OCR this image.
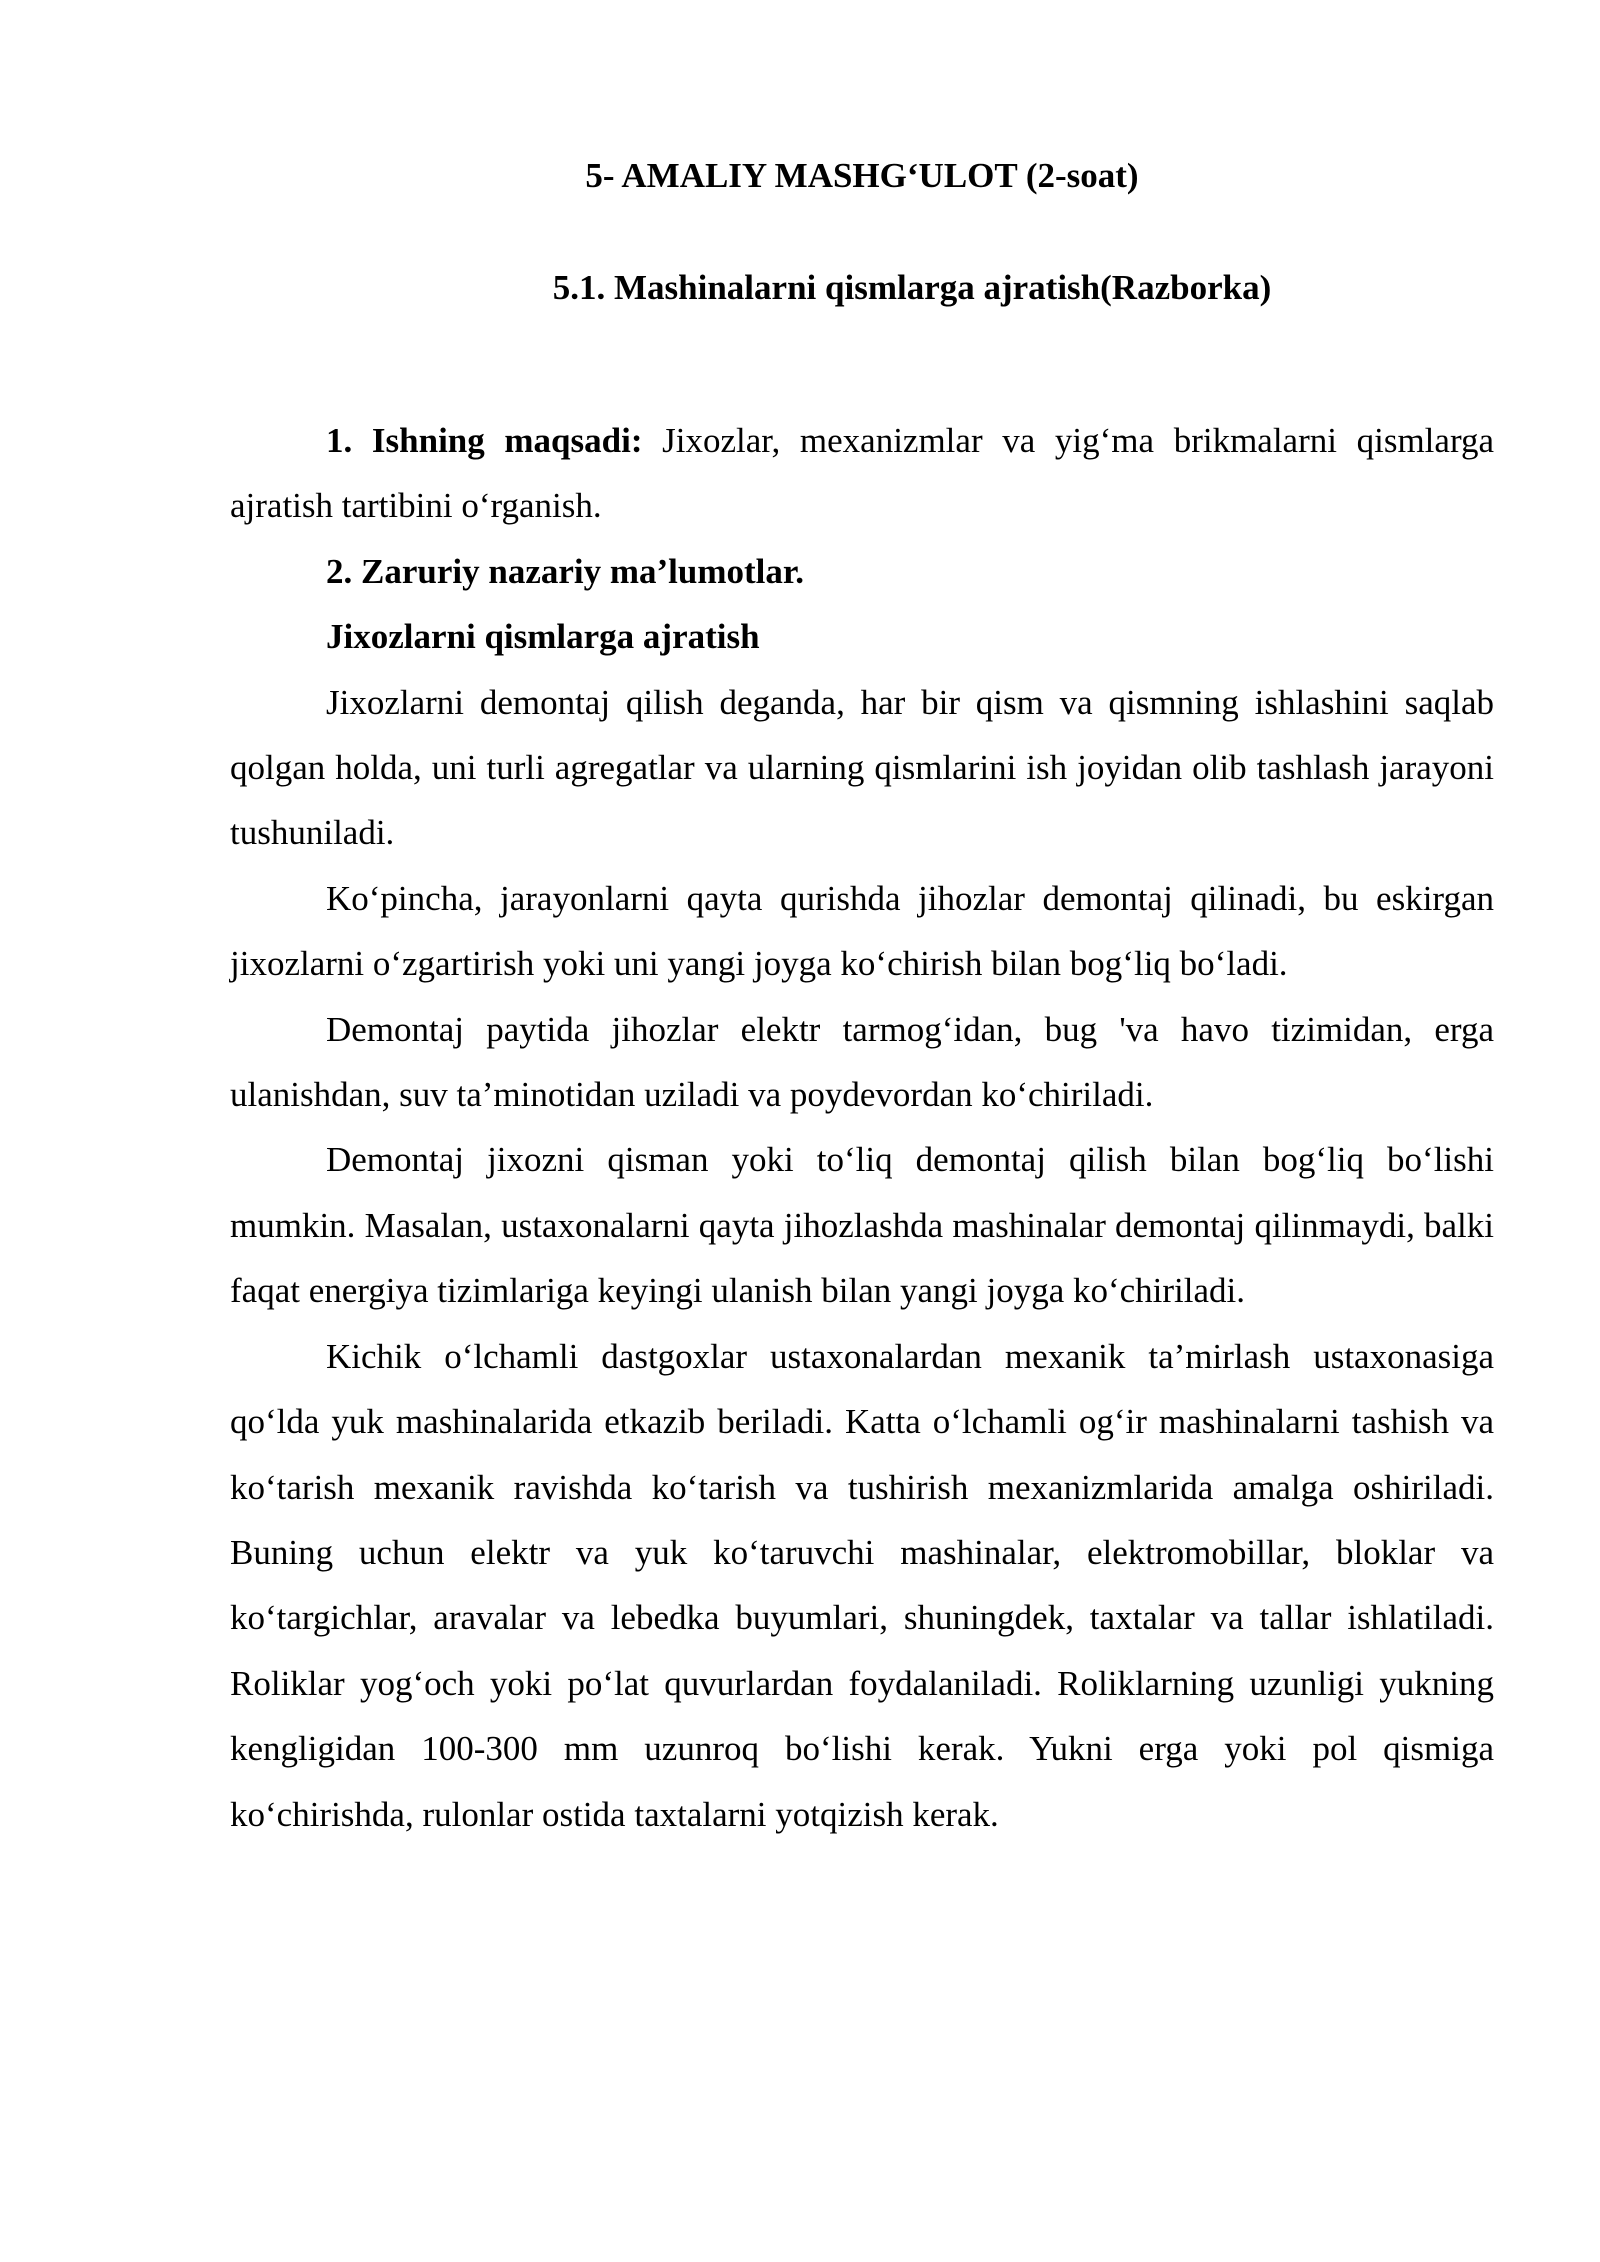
5- AMALIY MASHG‘ULOT (2-soat)
5.1. Mashinalarni qismlarga ajratish(Razborka)

1. Ishning maqsadi: Jixozlar, mexanizmlar va yig‘ma brikmalarni qismlarga ajratish tartibini o‘rganish.

2. Zaruriy nazariy ma’lumotlar.

Jixozlarni qismlarga ajratish

Jixozlarni demontaj qilish deganda, har bir qism va qismning ishlashini saqlab qolgan holda, uni turli agregatlar va ularning qismlarini ish joyidan olib tashlash jarayoni tushuniladi.

Ko‘pincha, jarayonlarni qayta qurishda jihozlar demontaj qilinadi, bu eskirgan jixozlarni o‘zgartirish yoki uni yangi joyga ko‘chirish bilan bog‘liq bo‘ladi.

Demontaj paytida jihozlar elektr tarmog‘idan, bug 'va havo tizimidan, erga ulanishdan, suv ta’minotidan uziladi va poydevordan ko‘chiriladi.

Demontaj jixozni qisman yoki to‘liq demontaj qilish bilan bog‘liq bo‘lishi mumkin. Masalan, ustaxonalarni qayta jihozlashda mashinalar demontaj qilinmaydi, balki faqat energiya tizimlariga keyingi ulanish bilan yangi joyga ko‘chiriladi.

Kichik o‘lchamli dastgoxlar ustaxonalardan mexanik ta’mirlash ustaxonasiga qo‘lda yuk mashinalarida etkazib beriladi. Katta o‘lchamli og‘ir mashinalarni tashish va ko‘tarish mexanik ravishda ko‘tarish va tushirish mexanizmlarida amalga oshiriladi. Buning uchun elektr va yuk ko‘taruvchi mashinalar, elektromobillar, bloklar va ko‘targichlar, aravalar va lebedka buyumlari, shuningdek, taxtalar va tallar ishlatiladi. Roliklar yog‘och yoki po‘lat quvurlardan foydalaniladi. Roliklarning uzunligi yukning kengligidan 100-300 mm uzunroq bo‘lishi kerak. Yukni erga yoki pol qismiga ko‘chirishda, rulonlar ostida taxtalarni yotqizish kerak.
